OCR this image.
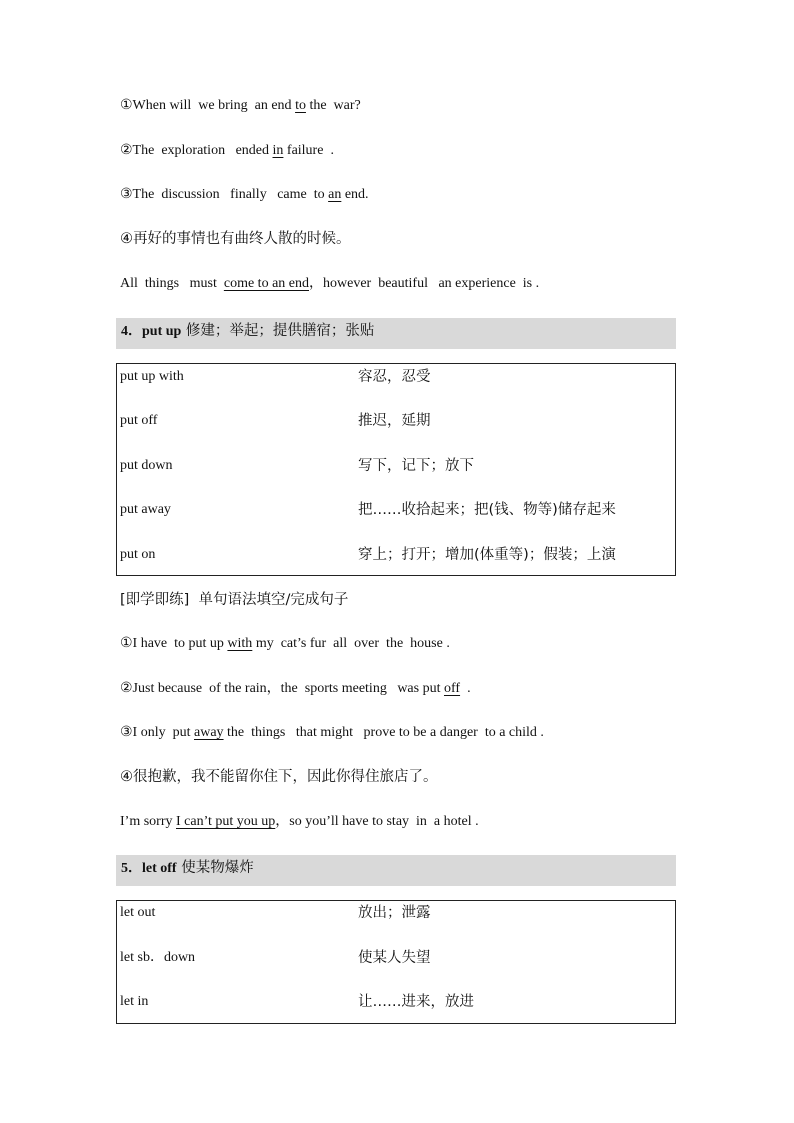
①When will  we bring  an end to the  war?
②The  exploration   ended in failure  .
③The  discussion   finally   came  to an end.
④再好的事情也有曲终人散的时候。
All  things   must  come to an end，however  beautiful   an experience  is .
4．put up 修建；举起；提供膳宿；张贴
put up with	容忍，忍受
put off	推迟，延期
put down	写下，记下；放下
put away	把……收拾起来；把(钱、物等)储存起来
put on	穿上；打开；增加(体重等)；假装；上演
[即学即练]  单句语法填空/完成句子
①I have  to put up with my  cat’s fur  all  over  the  house .
②Just because  of the rain，the  sports meeting   was put off  .
③I only  put away the  things   that might   prove to be a danger  to a child .
④很抱歉，我不能留你住下，因此你得住旅店了。
I’m sorry I can’t put you up，so you’ll have to stay  in  a hotel .
5．let off 使某物爆炸
let out	放出；泄露
let sb．down	使某人失望
let in	让……进来，放进
